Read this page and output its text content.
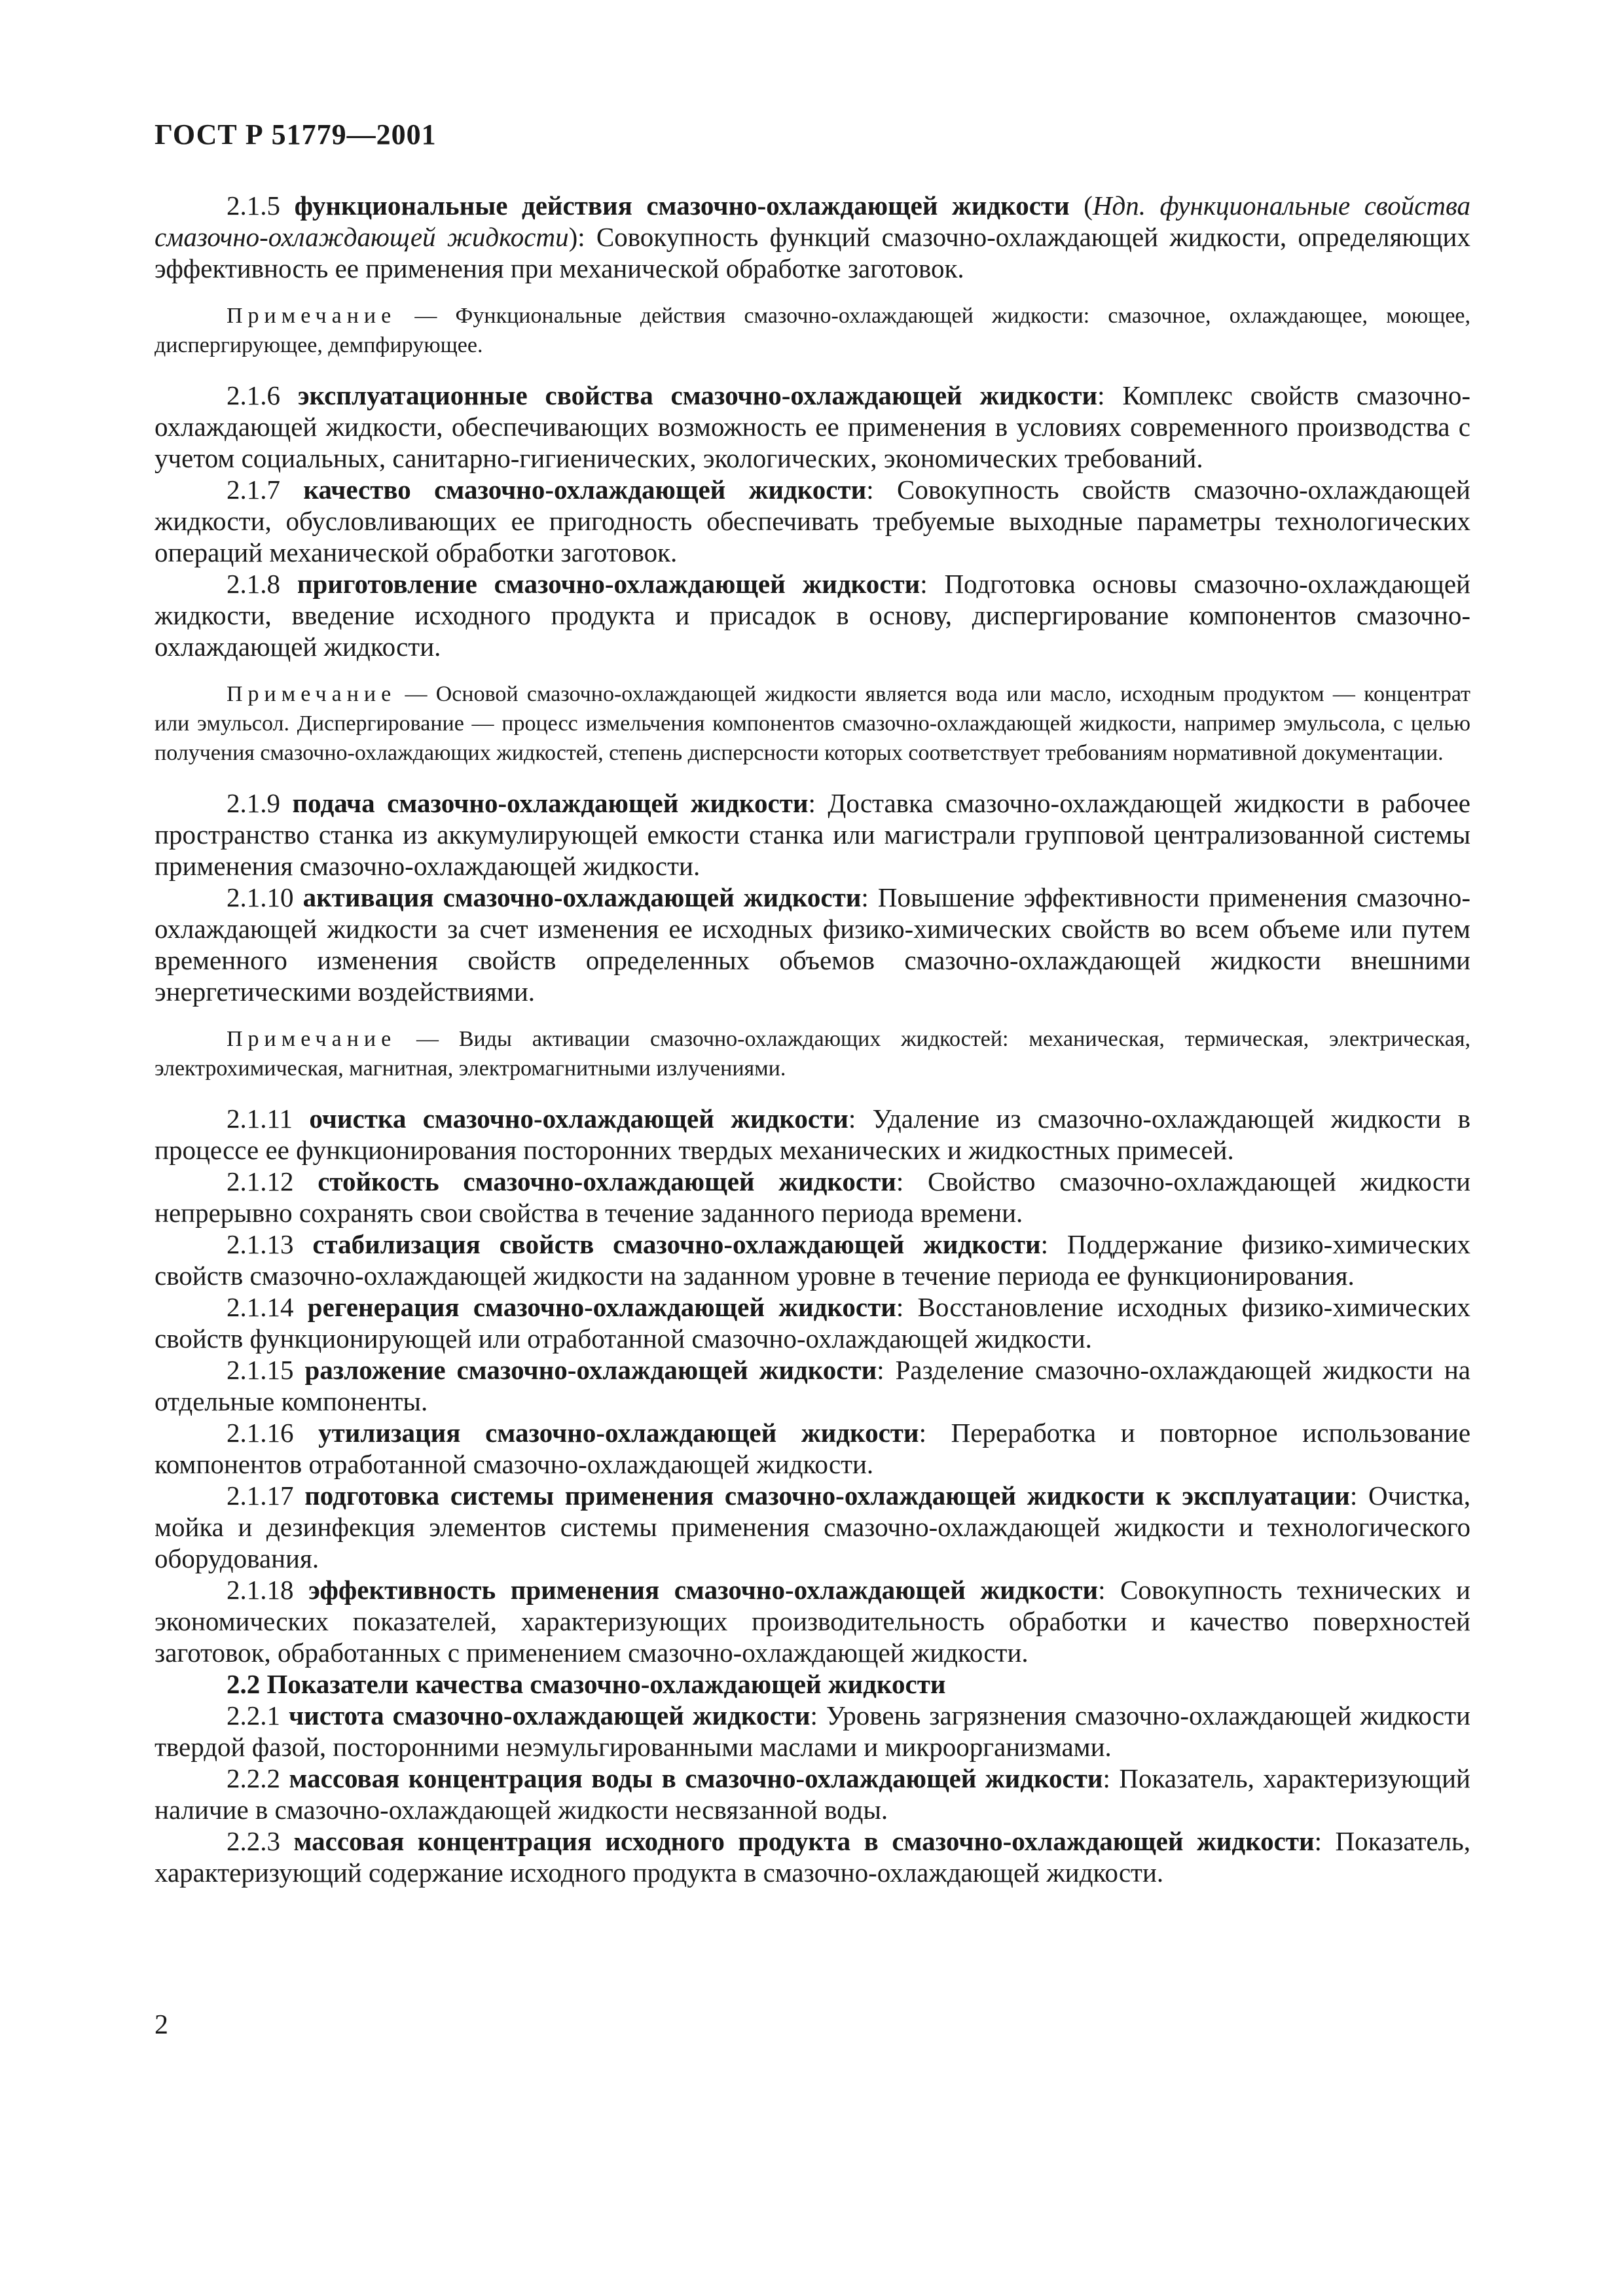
ГОСТ Р 51779—2001

2.1.5 функциональные действия смазочно-охлаждающей жидкости (Ндп. функциональные свойства смазочно-охлаждающей жидкости): Совокупность функций смазочно-охлаждающей жидкости, определяющих эффективность ее применения при механической обработке заготовок.

Примечание — Функциональные действия смазочно-охлаждающей жидкости: смазочное, охлаждающее, моющее, диспергирующее, демпфирующее.

2.1.6 эксплуатационные свойства смазочно-охлаждающей жидкости: Комплекс свойств смазочно-охлаждающей жидкости, обеспечивающих возможность ее применения в условиях современного производства с учетом социальных, санитарно-гигиенических, экологических, экономических требований.

2.1.7 качество смазочно-охлаждающей жидкости: Совокупность свойств смазочно-охлаждающей жидкости, обусловливающих ее пригодность обеспечивать требуемые выходные параметры технологических операций механической обработки заготовок.

2.1.8 приготовление смазочно-охлаждающей жидкости: Подготовка основы смазочно-охлаждающей жидкости, введение исходного продукта и присадок в основу, диспергирование компонентов смазочно-охлаждающей жидкости.

Примечание — Основой смазочно-охлаждающей жидкости является вода или масло, исходным продуктом — концентрат или эмульсол. Диспергирование — процесс измельчения компонентов смазочно-охлаждающей жидкости, например эмульсола, с целью получения смазочно-охлаждающих жидкостей, степень дисперсности которых соответствует требованиям нормативной документации.

2.1.9 подача смазочно-охлаждающей жидкости: Доставка смазочно-охлаждающей жидкости в рабочее пространство станка из аккумулирующей емкости станка или магистрали групповой централизованной системы применения смазочно-охлаждающей жидкости.

2.1.10 активация смазочно-охлаждающей жидкости: Повышение эффективности применения смазочно-охлаждающей жидкости за счет изменения ее исходных физико-химических свойств во всем объеме или путем временного изменения свойств определенных объемов смазочно-охлаждающей жидкости внешними энергетическими воздействиями.

Примечание — Виды активации смазочно-охлаждающих жидкостей: механическая, термическая, электрическая, электрохимическая, магнитная, электромагнитными излучениями.

2.1.11 очистка смазочно-охлаждающей жидкости: Удаление из смазочно-охлаждающей жидкости в процессе ее функционирования посторонних твердых механических и жидкостных примесей.

2.1.12 стойкость смазочно-охлаждающей жидкости: Свойство смазочно-охлаждающей жидкости непрерывно сохранять свои свойства в течение заданного периода времени.

2.1.13 стабилизация свойств смазочно-охлаждающей жидкости: Поддержание физико-химических свойств смазочно-охлаждающей жидкости на заданном уровне в течение периода ее функционирования.

2.1.14 регенерация смазочно-охлаждающей жидкости: Восстановление исходных физико-химических свойств функционирующей или отработанной смазочно-охлаждающей жидкости.

2.1.15 разложение смазочно-охлаждающей жидкости: Разделение смазочно-охлаждающей жидкости на отдельные компоненты.

2.1.16 утилизация смазочно-охлаждающей жидкости: Переработка и повторное использование компонентов отработанной смазочно-охлаждающей жидкости.

2.1.17 подготовка системы применения смазочно-охлаждающей жидкости к эксплуатации: Очистка, мойка и дезинфекция элементов системы применения смазочно-охлаждающей жидкости и технологического оборудования.

2.1.18 эффективность применения смазочно-охлаждающей жидкости: Совокупность технических и экономических показателей, характеризующих производительность обработки и качество поверхностей заготовок, обработанных с применением смазочно-охлаждающей жидкости.

2.2 Показатели качества смазочно-охлаждающей жидкости

2.2.1 чистота смазочно-охлаждающей жидкости: Уровень загрязнения смазочно-охлаждающей жидкости твердой фазой, посторонними неэмульгированными маслами и микроорганизмами.

2.2.2 массовая концентрация воды в смазочно-охлаждающей жидкости: Показатель, характеризующий наличие в смазочно-охлаждающей жидкости несвязанной воды.

2.2.3 массовая концентрация исходного продукта в смазочно-охлаждающей жидкости: Показатель, характеризующий содержание исходного продукта в смазочно-охлаждающей жидкости.

2
